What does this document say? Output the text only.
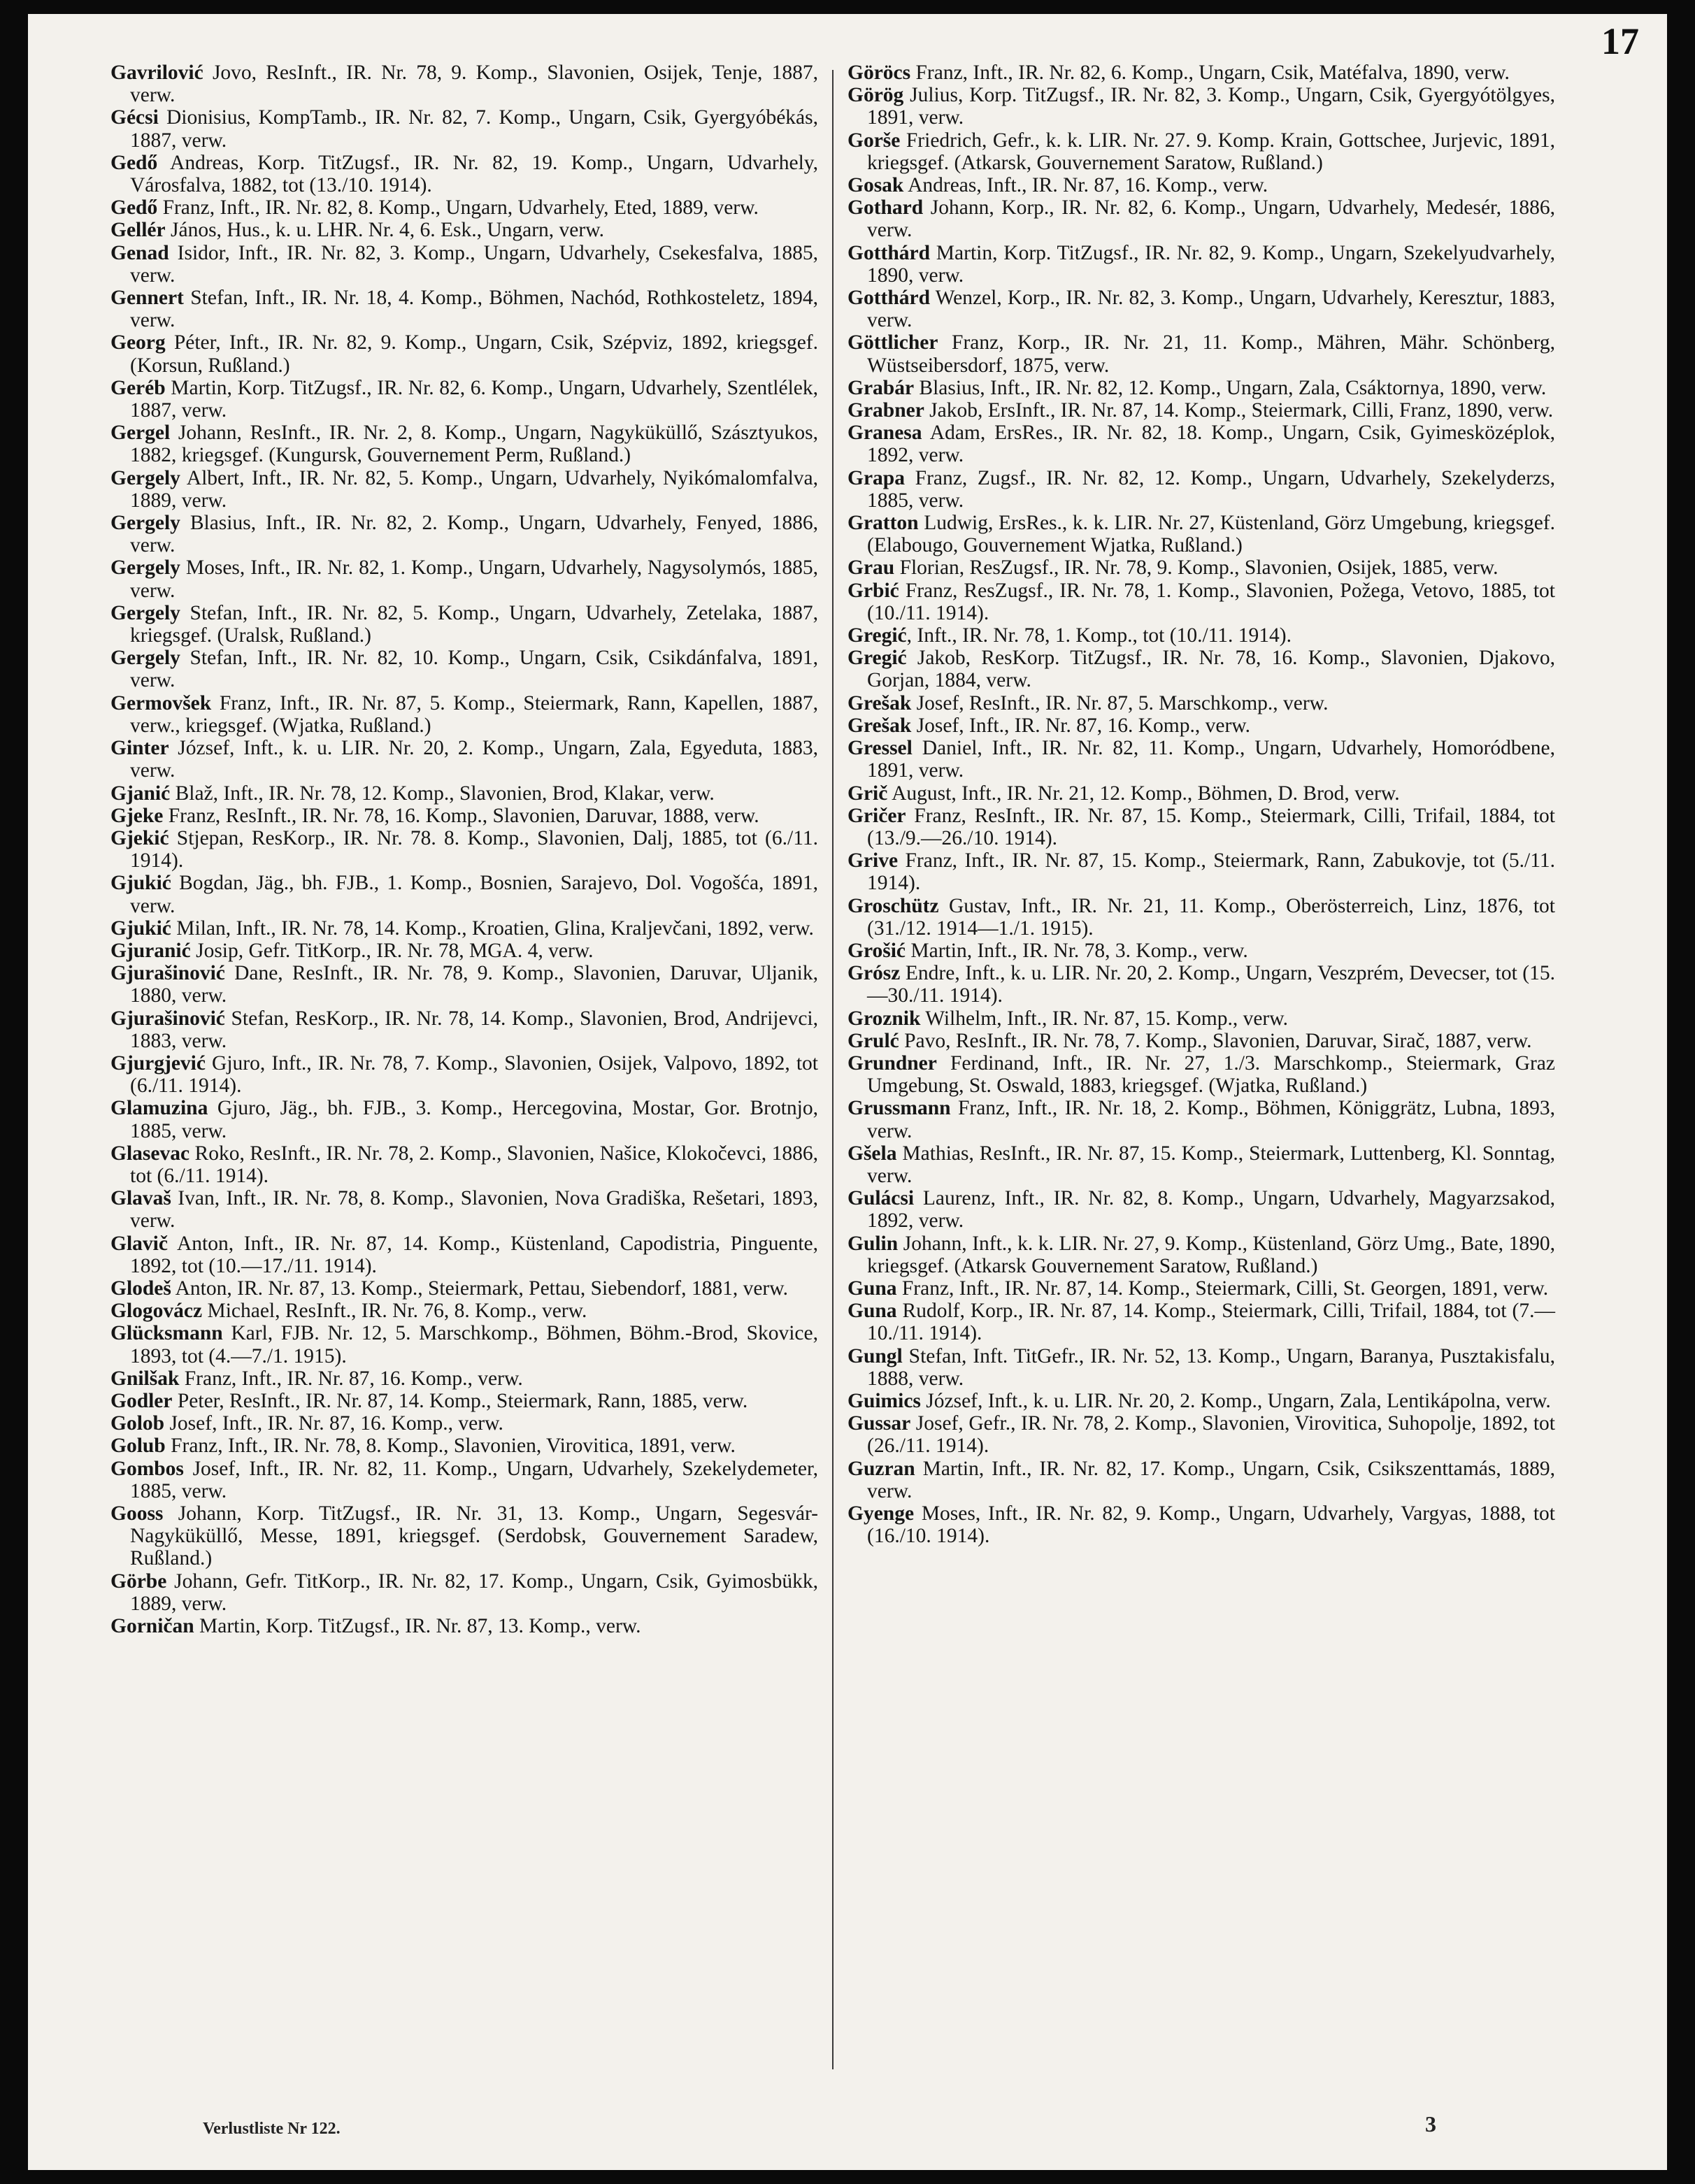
17

Gavrilović Jovo, ResInft., IR. Nr. 78, 9. Komp., Slavonien, Osijek, Tenje, 1887, verw.

Gécsi Dionisius, KompTamb., IR. Nr. 82, 7. Komp., Ungarn, Csik, Gyergyóbékás, 1887, verw.

Gedő Andreas, Korp. TitZugsf., IR. Nr. 82, 19. Komp., Ungarn, Udvarhely, Városfalva, 1882, tot (13./10. 1914).

Gedő Franz, Inft., IR. Nr. 82, 8. Komp., Ungarn, Udvarhely, Eted, 1889, verw.

Gellér János, Hus., k. u. LHR. Nr. 4, 6. Esk., Ungarn, verw.

Genad Isidor, Inft., IR. Nr. 82, 3. Komp., Ungarn, Udvarhely, Csekesfalva, 1885, verw.

Gennert Stefan, Inft., IR. Nr. 18, 4. Komp., Böhmen, Nachód, Rothkosteletz, 1894, verw.

Georg Péter, Inft., IR. Nr. 82, 9. Komp., Ungarn, Csik, Szépviz, 1892, kriegsgef. (Korsun, Rußland.)

Geréb Martin, Korp. TitZugsf., IR. Nr. 82, 6. Komp., Ungarn, Udvarhely, Szentlélek, 1887, verw.

Gergel Johann, ResInft., IR. Nr. 2, 8. Komp., Ungarn, Nagyküküllő, Szásztyukos, 1882, kriegsgef. (Kungursk, Gouvernement Perm, Rußland.)

Gergely Albert, Inft., IR. Nr. 82, 5. Komp., Ungarn, Udvarhely, Nyikómalomfalva, 1889, verw.

Gergely Blasius, Inft., IR. Nr. 82, 2. Komp., Ungarn, Udvarhely, Fenyed, 1886, verw.

Gergely Moses, Inft., IR. Nr. 82, 1. Komp., Ungarn, Udvarhely, Nagysolymós, 1885, verw.

Gergely Stefan, Inft., IR. Nr. 82, 5. Komp., Ungarn, Udvarhely, Zetelaka, 1887, kriegsgef. (Uralsk, Rußland.)

Gergely Stefan, Inft., IR. Nr. 82, 10. Komp., Ungarn, Csik, Csikdánfalva, 1891, verw.

Germovšek Franz, Inft., IR. Nr. 87, 5. Komp., Steiermark, Rann, Kapellen, 1887, verw., kriegsgef. (Wjatka, Rußland.)

Ginter József, Inft., k. u. LIR. Nr. 20, 2. Komp., Ungarn, Zala, Egyeduta, 1883, verw.

Gjanić Blaž, Inft., IR. Nr. 78, 12. Komp., Slavonien, Brod, Klakar, verw.

Gjeke Franz, ResInft., IR. Nr. 78, 16. Komp., Slavonien, Daruvar, 1888, verw.

Gjekić Stjepan, ResKorp., IR. Nr. 78. 8. Komp., Slavonien, Dalj, 1885, tot (6./11. 1914).

Gjukić Bogdan, Jäg., bh. FJB., 1. Komp., Bosnien, Sarajevo, Dol. Vogošća, 1891, verw.

Gjukić Milan, Inft., IR. Nr. 78, 14. Komp., Kroatien, Glina, Kraljevčani, 1892, verw.

Gjuranić Josip, Gefr. TitKorp., IR. Nr. 78, MGA. 4, verw.

Gjurašinović Dane, ResInft., IR. Nr. 78, 9. Komp., Slavonien, Daruvar, Uljanik, 1880, verw.

Gjurašinović Stefan, ResKorp., IR. Nr. 78, 14. Komp., Slavonien, Brod, Andrijevci, 1883, verw.

Gjurgjević Gjuro, Inft., IR. Nr. 78, 7. Komp., Slavonien, Osijek, Valpovo, 1892, tot (6./11. 1914).

Glamuzina Gjuro, Jäg., bh. FJB., 3. Komp., Hercegovina, Mostar, Gor. Brotnjo, 1885, verw.

Glasevac Roko, ResInft., IR. Nr. 78, 2. Komp., Slavonien, Našice, Klokočevci, 1886, tot (6./11. 1914).

Glavaš Ivan, Inft., IR. Nr. 78, 8. Komp., Slavonien, Nova Gradiška, Rešetari, 1893, verw.

Glavič Anton, Inft., IR. Nr. 87, 14. Komp., Küstenland, Capodistria, Pinguente, 1892, tot (10.—17./11. 1914).

Glodeš Anton, IR. Nr. 87, 13. Komp., Steiermark, Pettau, Siebendorf, 1881, verw.

Glogovácz Michael, ResInft., IR. Nr. 76, 8. Komp., verw.

Glücksmann Karl, FJB. Nr. 12, 5. Marschkomp., Böhmen, Böhm.-Brod, Skovice, 1893, tot (4.—7./1. 1915).

Gnilšak Franz, Inft., IR. Nr. 87, 16. Komp., verw.

Godler Peter, ResInft., IR. Nr. 87, 14. Komp., Steiermark, Rann, 1885, verw.

Golob Josef, Inft., IR. Nr. 87, 16. Komp., verw.

Golub Franz, Inft., IR. Nr. 78, 8. Komp., Slavonien, Virovitica, 1891, verw.

Gombos Josef, Inft., IR. Nr. 82, 11. Komp., Ungarn, Udvarhely, Szekelydemeter, 1885, verw.

Gooss Johann, Korp. TitZugsf., IR. Nr. 31, 13. Komp., Ungarn, Segesvár-Nagyküküllő, Messe, 1891, kriegsgef. (Serdobsk, Gouvernement Saradew, Rußland.)

Görbe Johann, Gefr. TitKorp., IR. Nr. 82, 17. Komp., Ungarn, Csik, Gyimosbükk, 1889, verw.

Gorničan Martin, Korp. TitZugsf., IR. Nr. 87, 13. Komp., verw.

Göröcs Franz, Inft., IR. Nr. 82, 6. Komp., Ungarn, Csik, Matéfalva, 1890, verw.

Görög Julius, Korp. TitZugsf., IR. Nr. 82, 3. Komp., Ungarn, Csik, Gyergyótölgyes, 1891, verw.

Gorše Friedrich, Gefr., k. k. LIR. Nr. 27. 9. Komp. Krain, Gottschee, Jurjevic, 1891, kriegsgef. (Atkarsk, Gouvernement Saratow, Rußland.)

Gosak Andreas, Inft., IR. Nr. 87, 16. Komp., verw.

Gothard Johann, Korp., IR. Nr. 82, 6. Komp., Ungarn, Udvarhely, Medesér, 1886, verw.

Gotthárd Martin, Korp. TitZugsf., IR. Nr. 82, 9. Komp., Ungarn, Szekelyudvarhely, 1890, verw.

Gotthárd Wenzel, Korp., IR. Nr. 82, 3. Komp., Ungarn, Udvarhely, Keresztur, 1883, verw.

Göttlicher Franz, Korp., IR. Nr. 21, 11. Komp., Mähren, Mähr. Schönberg, Wüstseibersdorf, 1875, verw.

Grabár Blasius, Inft., IR. Nr. 82, 12. Komp., Ungarn, Zala, Csáktornya, 1890, verw.

Grabner Jakob, ErsInft., IR. Nr. 87, 14. Komp., Steiermark, Cilli, Franz, 1890, verw.

Granesa Adam, ErsRes., IR. Nr. 82, 18. Komp., Ungarn, Csik, Gyimesközéplok, 1892, verw.

Grapa Franz, Zugsf., IR. Nr. 82, 12. Komp., Ungarn, Udvarhely, Szekelyderzs, 1885, verw.

Gratton Ludwig, ErsRes., k. k. LIR. Nr. 27, Küstenland, Görz Umgebung, kriegsgef. (Elabougo, Gouvernement Wjatka, Rußland.)

Grau Florian, ResZugsf., IR. Nr. 78, 9. Komp., Slavonien, Osijek, 1885, verw.

Grbić Franz, ResZugsf., IR. Nr. 78, 1. Komp., Slavonien, Požega, Vetovo, 1885, tot (10./11. 1914).

Gregić, Inft., IR. Nr. 78, 1. Komp., tot (10./11. 1914).

Gregić Jakob, ResKorp. TitZugsf., IR. Nr. 78, 16. Komp., Slavonien, Djakovo, Gorjan, 1884, verw.

Grešak Josef, ResInft., IR. Nr. 87, 5. Marschkomp., verw.

Grešak Josef, Inft., IR. Nr. 87, 16. Komp., verw.

Gressel Daniel, Inft., IR. Nr. 82, 11. Komp., Ungarn, Udvarhely, Homoródbene, 1891, verw.

Grič August, Inft., IR. Nr. 21, 12. Komp., Böhmen, D. Brod, verw.

Gričer Franz, ResInft., IR. Nr. 87, 15. Komp., Steiermark, Cilli, Trifail, 1884, tot (13./9.—26./10. 1914).

Grive Franz, Inft., IR. Nr. 87, 15. Komp., Steiermark, Rann, Zabukovje, tot (5./11. 1914).

Groschütz Gustav, Inft., IR. Nr. 21, 11. Komp., Oberösterreich, Linz, 1876, tot (31./12. 1914—1./1. 1915).

Grošić Martin, Inft., IR. Nr. 78, 3. Komp., verw.

Grósz Endre, Inft., k. u. LIR. Nr. 20, 2. Komp., Ungarn, Veszprém, Devecser, tot (15.—30./11. 1914).

Groznik Wilhelm, Inft., IR. Nr. 87, 15. Komp., verw.

Grulć Pavo, ResInft., IR. Nr. 78, 7. Komp., Slavonien, Daruvar, Sirač, 1887, verw.

Grundner Ferdinand, Inft., IR. Nr. 27, 1./3. Marschkomp., Steiermark, Graz Umgebung, St. Oswald, 1883, kriegsgef. (Wjatka, Rußland.)

Grussmann Franz, Inft., IR. Nr. 18, 2. Komp., Böhmen, Königgrätz, Lubna, 1893, verw.

Gšela Mathias, ResInft., IR. Nr. 87, 15. Komp., Steiermark, Luttenberg, Kl. Sonntag, verw.

Gulácsi Laurenz, Inft., IR. Nr. 82, 8. Komp., Ungarn, Udvarhely, Magyarzsakod, 1892, verw.

Gulin Johann, Inft., k. k. LIR. Nr. 27, 9. Komp., Küstenland, Görz Umg., Bate, 1890, kriegsgef. (Atkarsk Gouvernement Saratow, Rußland.)

Guna Franz, Inft., IR. Nr. 87, 14. Komp., Steiermark, Cilli, St. Georgen, 1891, verw.

Guna Rudolf, Korp., IR. Nr. 87, 14. Komp., Steiermark, Cilli, Trifail, 1884, tot (7.—10./11. 1914).

Gungl Stefan, Inft. TitGefr., IR. Nr. 52, 13. Komp., Ungarn, Baranya, Pusztakisfalu, 1888, verw.

Guimics József, Inft., k. u. LIR. Nr. 20, 2. Komp., Ungarn, Zala, Lentikápolna, verw.

Gussar Josef, Gefr., IR. Nr. 78, 2. Komp., Slavonien, Virovitica, Suhopolje, 1892, tot (26./11. 1914).

Guzran Martin, Inft., IR. Nr. 82, 17. Komp., Ungarn, Csik, Csikszenttamás, 1889, verw.

Gyenge Moses, Inft., IR. Nr. 82, 9. Komp., Ungarn, Udvarhely, Vargyas, 1888, tot (16./10. 1914).

Verlustliste Nr 122.	3
